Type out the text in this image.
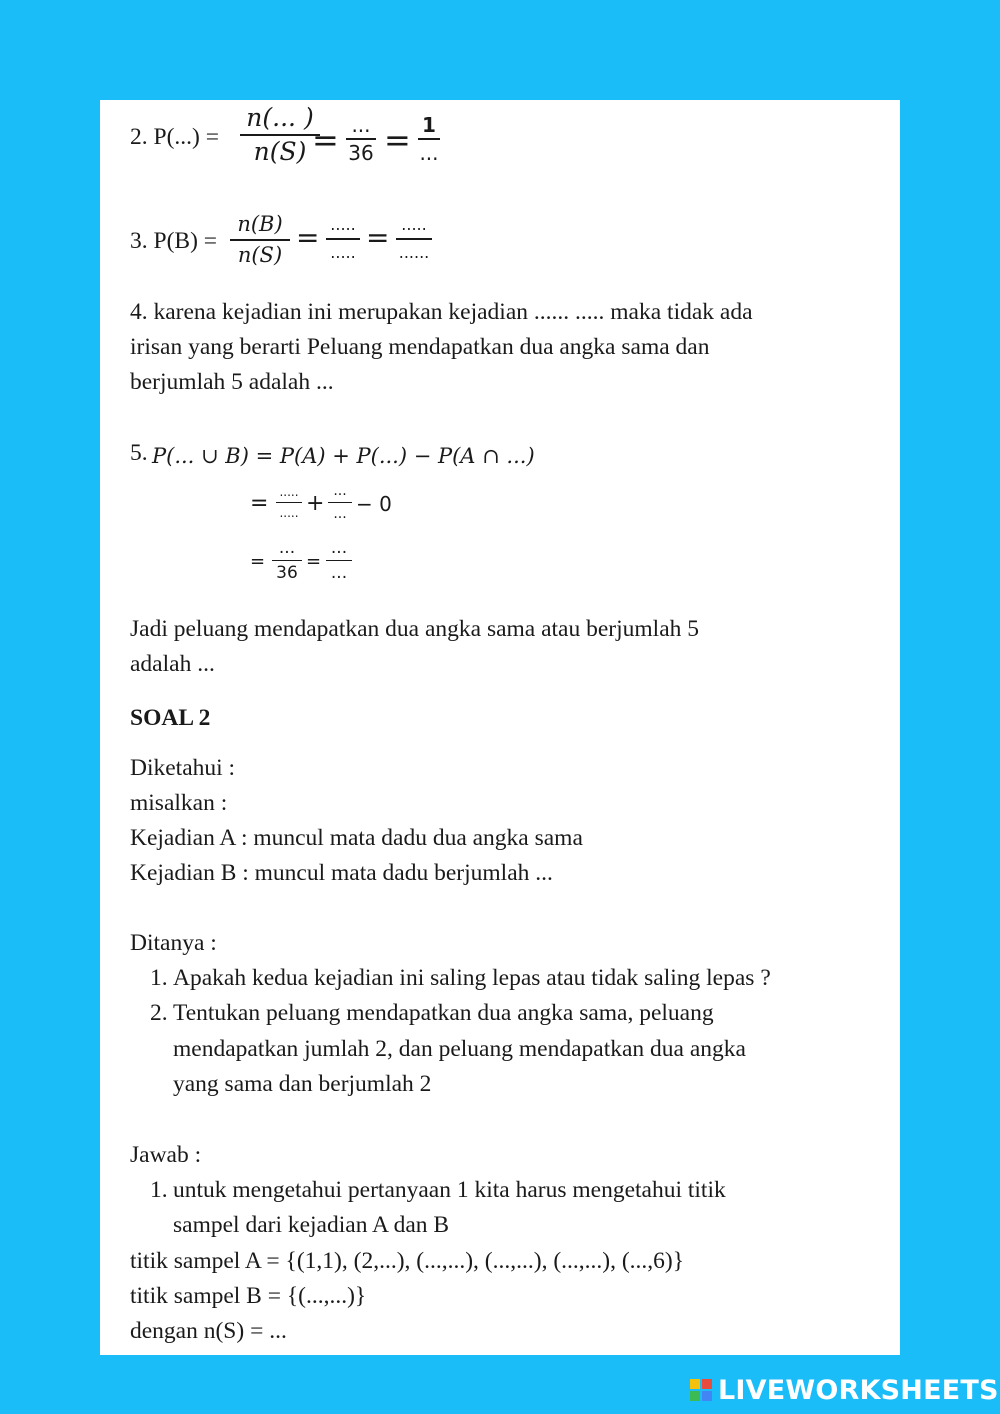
2. P(...) =
n(... )
n(S) = ...
36 = 1
...
3. P(B) =
n(B)
n(S)
= .....
..... = .....
......
4. karena kejadian ini merupakan kejadian ...... ..... maka tidak ada
irisan yang berarti Peluang mendapatkan dua angka sama dan
berjumlah 5 adalah ...
5. P(... ∪ B) = P(A) + P(...) − P(A ∩ ...)
= .....
..... + ...
... − 0
=
...
36
=
...
...
Jadi peluang mendapatkan dua angka sama atau berjumlah 5
adalah ...
SOAL 2
Diketahui :
misalkan :
Kejadian A : muncul mata dadu dua angka sama
Kejadian B : muncul mata dadu berjumlah ...
Ditanya :
1. Apakah kedua kejadian ini saling lepas atau tidak saling lepas ?
2. Tentukan peluang mendapatkan dua angka sama, peluang
mendapatkan jumlah 2, dan peluang mendapatkan dua angka
yang sama dan berjumlah 2
Jawab :
1. untuk mengetahui pertanyaan 1 kita harus mengetahui titik
sampel dari kejadian A dan B
titik sampel A = {(1,1), (2,...), (...,...), (...,...), (...,...), (...,6)}
titik sampel B = {(...,...)}
dengan n(S) = ...
LIVEWORKSHEETS
